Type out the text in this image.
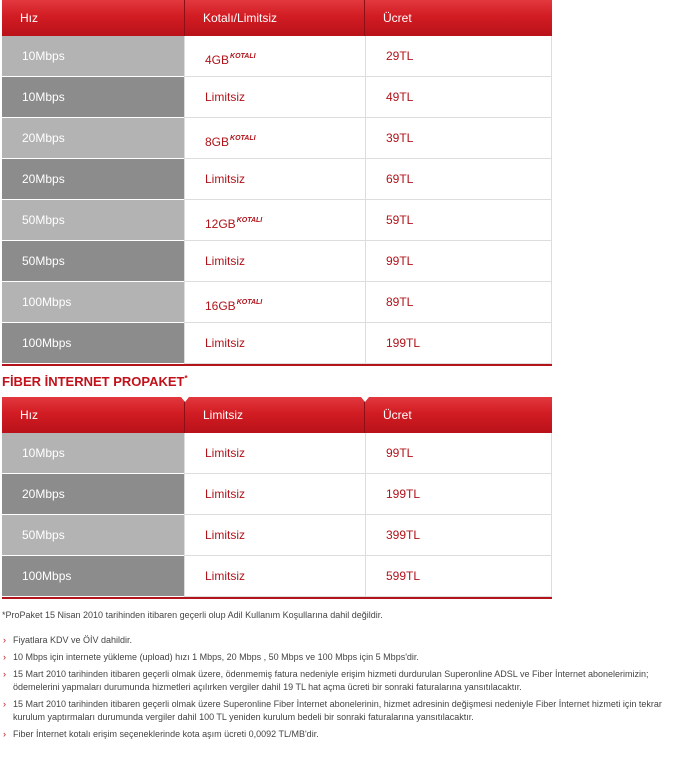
Hız	Kotalı/Limitsiz	Ücret
10Mbps	$4GB^{KOTALI}$	29TL
10Mbps	Limitsiz	49TL
20Mbps	$8GB^{KOTALI}$	39TL
20Mbps	Limitsiz	69TL
50Mbps	$12GB^{KOTALI}$	59TL
50Mbps	Limitsiz	99TL
100Mbps	$16GB^{KOTALI}$	89TL
100Mbps	Limitsiz	199TL
FİBER İNTERNET PROPAKET*
Hız	Limitsiz	Ücret
10Mbps	Limitsiz	99TL
20Mbps	Limitsiz	199TL
50Mbps	Limitsiz	399TL
100Mbps	Limitsiz	599TL
*ProPaket 15 Nisan 2010 tarihinden itibaren geçerli olup Adil Kullanım Koşullarına dahil değildir.
› Fiyatlara KDV ve ÖİV dahildir.
› 10 Mbps için internete yükleme (upload) hızı 1 Mbps, 20 Mbps , 50 Mbps ve 100 Mbps için 5 Mbps'dir.
› 15 Mart 2010 tarihinden itibaren geçerli olmak üzere, ödenmemiş fatura nedeniyle erişim hizmeti durdurulan Superonline ADSL ve Fiber İnternet abonelerimizin; ödemelerini yapmaları durumunda hizmetleri açılırken vergiler dahil 19 TL hat açma ücreti bir sonraki faturalarına yansıtılacaktır.
› 15 Mart 2010 tarihinden itibaren geçerli olmak üzere Superonline Fiber İnternet abonelerinin, hizmet adresinin değişmesi nedeniyle Fiber İnternet hizmeti için tekrar kurulum yaptırmaları durumunda vergiler dahil 100 TL yeniden kurulum bedeli bir sonraki faturalarına yansıtılacaktır.
› Fiber İnternet kotalı erişim seçeneklerinde kota aşım ücreti 0,0092 TL/MB'dir.
